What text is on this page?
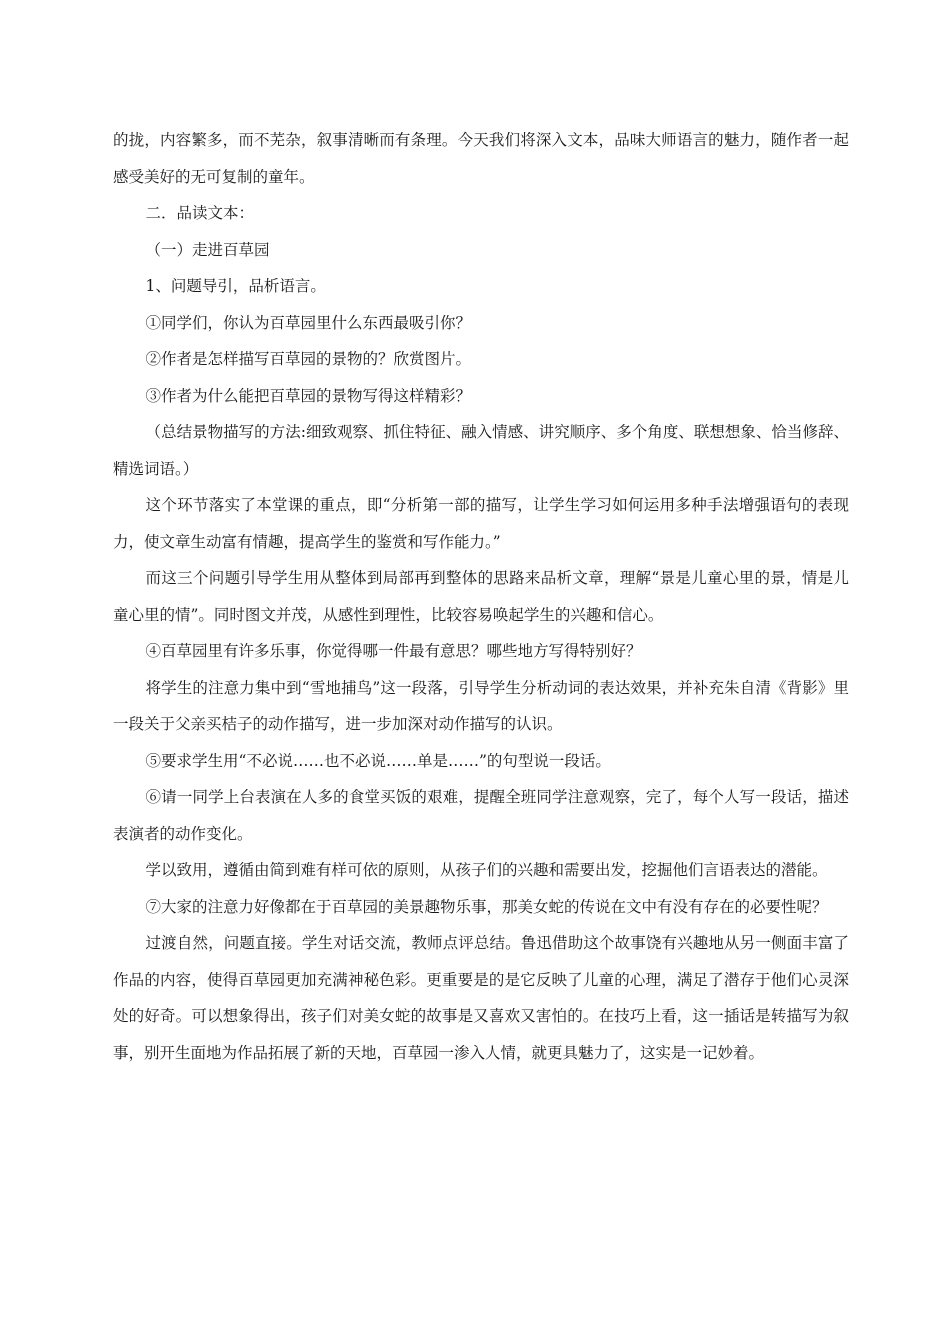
的拢，内容繁多，而不芜杂，叙事清晰而有条理。今天我们将深入文本，品味大师语言的魅力，随作者一起感受美好的无可复制的童年。

二．品读文本：

（一）走进百草园

1、问题导引，品析语言。

①同学们，你认为百草园里什么东西最吸引你？

②作者是怎样描写百草园的景物的？欣赏图片。

③作者为什么能把百草园的景物写得这样精彩？

（总结景物描写的方法:细致观察、抓住特征、融入情感、讲究顺序、多个角度、联想想象、恰当修辞、精选词语。）

这个环节落实了本堂课的重点，即“分析第一部的描写，让学生学习如何运用多种手法增强语句的表现力，使文章生动富有情趣，提高学生的鉴赏和写作能力。”

而这三个问题引导学生用从整体到局部再到整体的思路来品析文章，理解“景是儿童心里的景，情是儿童心里的情”。同时图文并茂，从感性到理性，比较容易唤起学生的兴趣和信心。

④百草园里有许多乐事，你觉得哪一件最有意思？哪些地方写得特别好？

将学生的注意力集中到“雪地捕鸟”这一段落，引导学生分析动词的表达效果，并补充朱自清《背影》里一段关于父亲买桔子的动作描写，进一步加深对动作描写的认识。

⑤要求学生用“不必说……也不必说……单是……”的句型说一段话。

⑥请一同学上台表演在人多的食堂买饭的艰难，提醒全班同学注意观察，完了，每个人写一段话，描述表演者的动作变化。

学以致用，遵循由简到难有样可依的原则，从孩子们的兴趣和需要出发，挖掘他们言语表达的潜能。

⑦大家的注意力好像都在于百草园的美景趣物乐事，那美女蛇的传说在文中有没有存在的必要性呢？

过渡自然，问题直接。学生对话交流，教师点评总结。鲁迅借助这个故事饶有兴趣地从另一侧面丰富了作品的内容，使得百草园更加充满神秘色彩。更重要是的是它反映了儿童的心理，满足了潜存于他们心灵深处的好奇。可以想象得出，孩子们对美女蛇的故事是又喜欢又害怕的。在技巧上看，这一插话是转描写为叙事，别开生面地为作品拓展了新的天地，百草园一渗入人情，就更具魅力了，这实是一记妙着。
